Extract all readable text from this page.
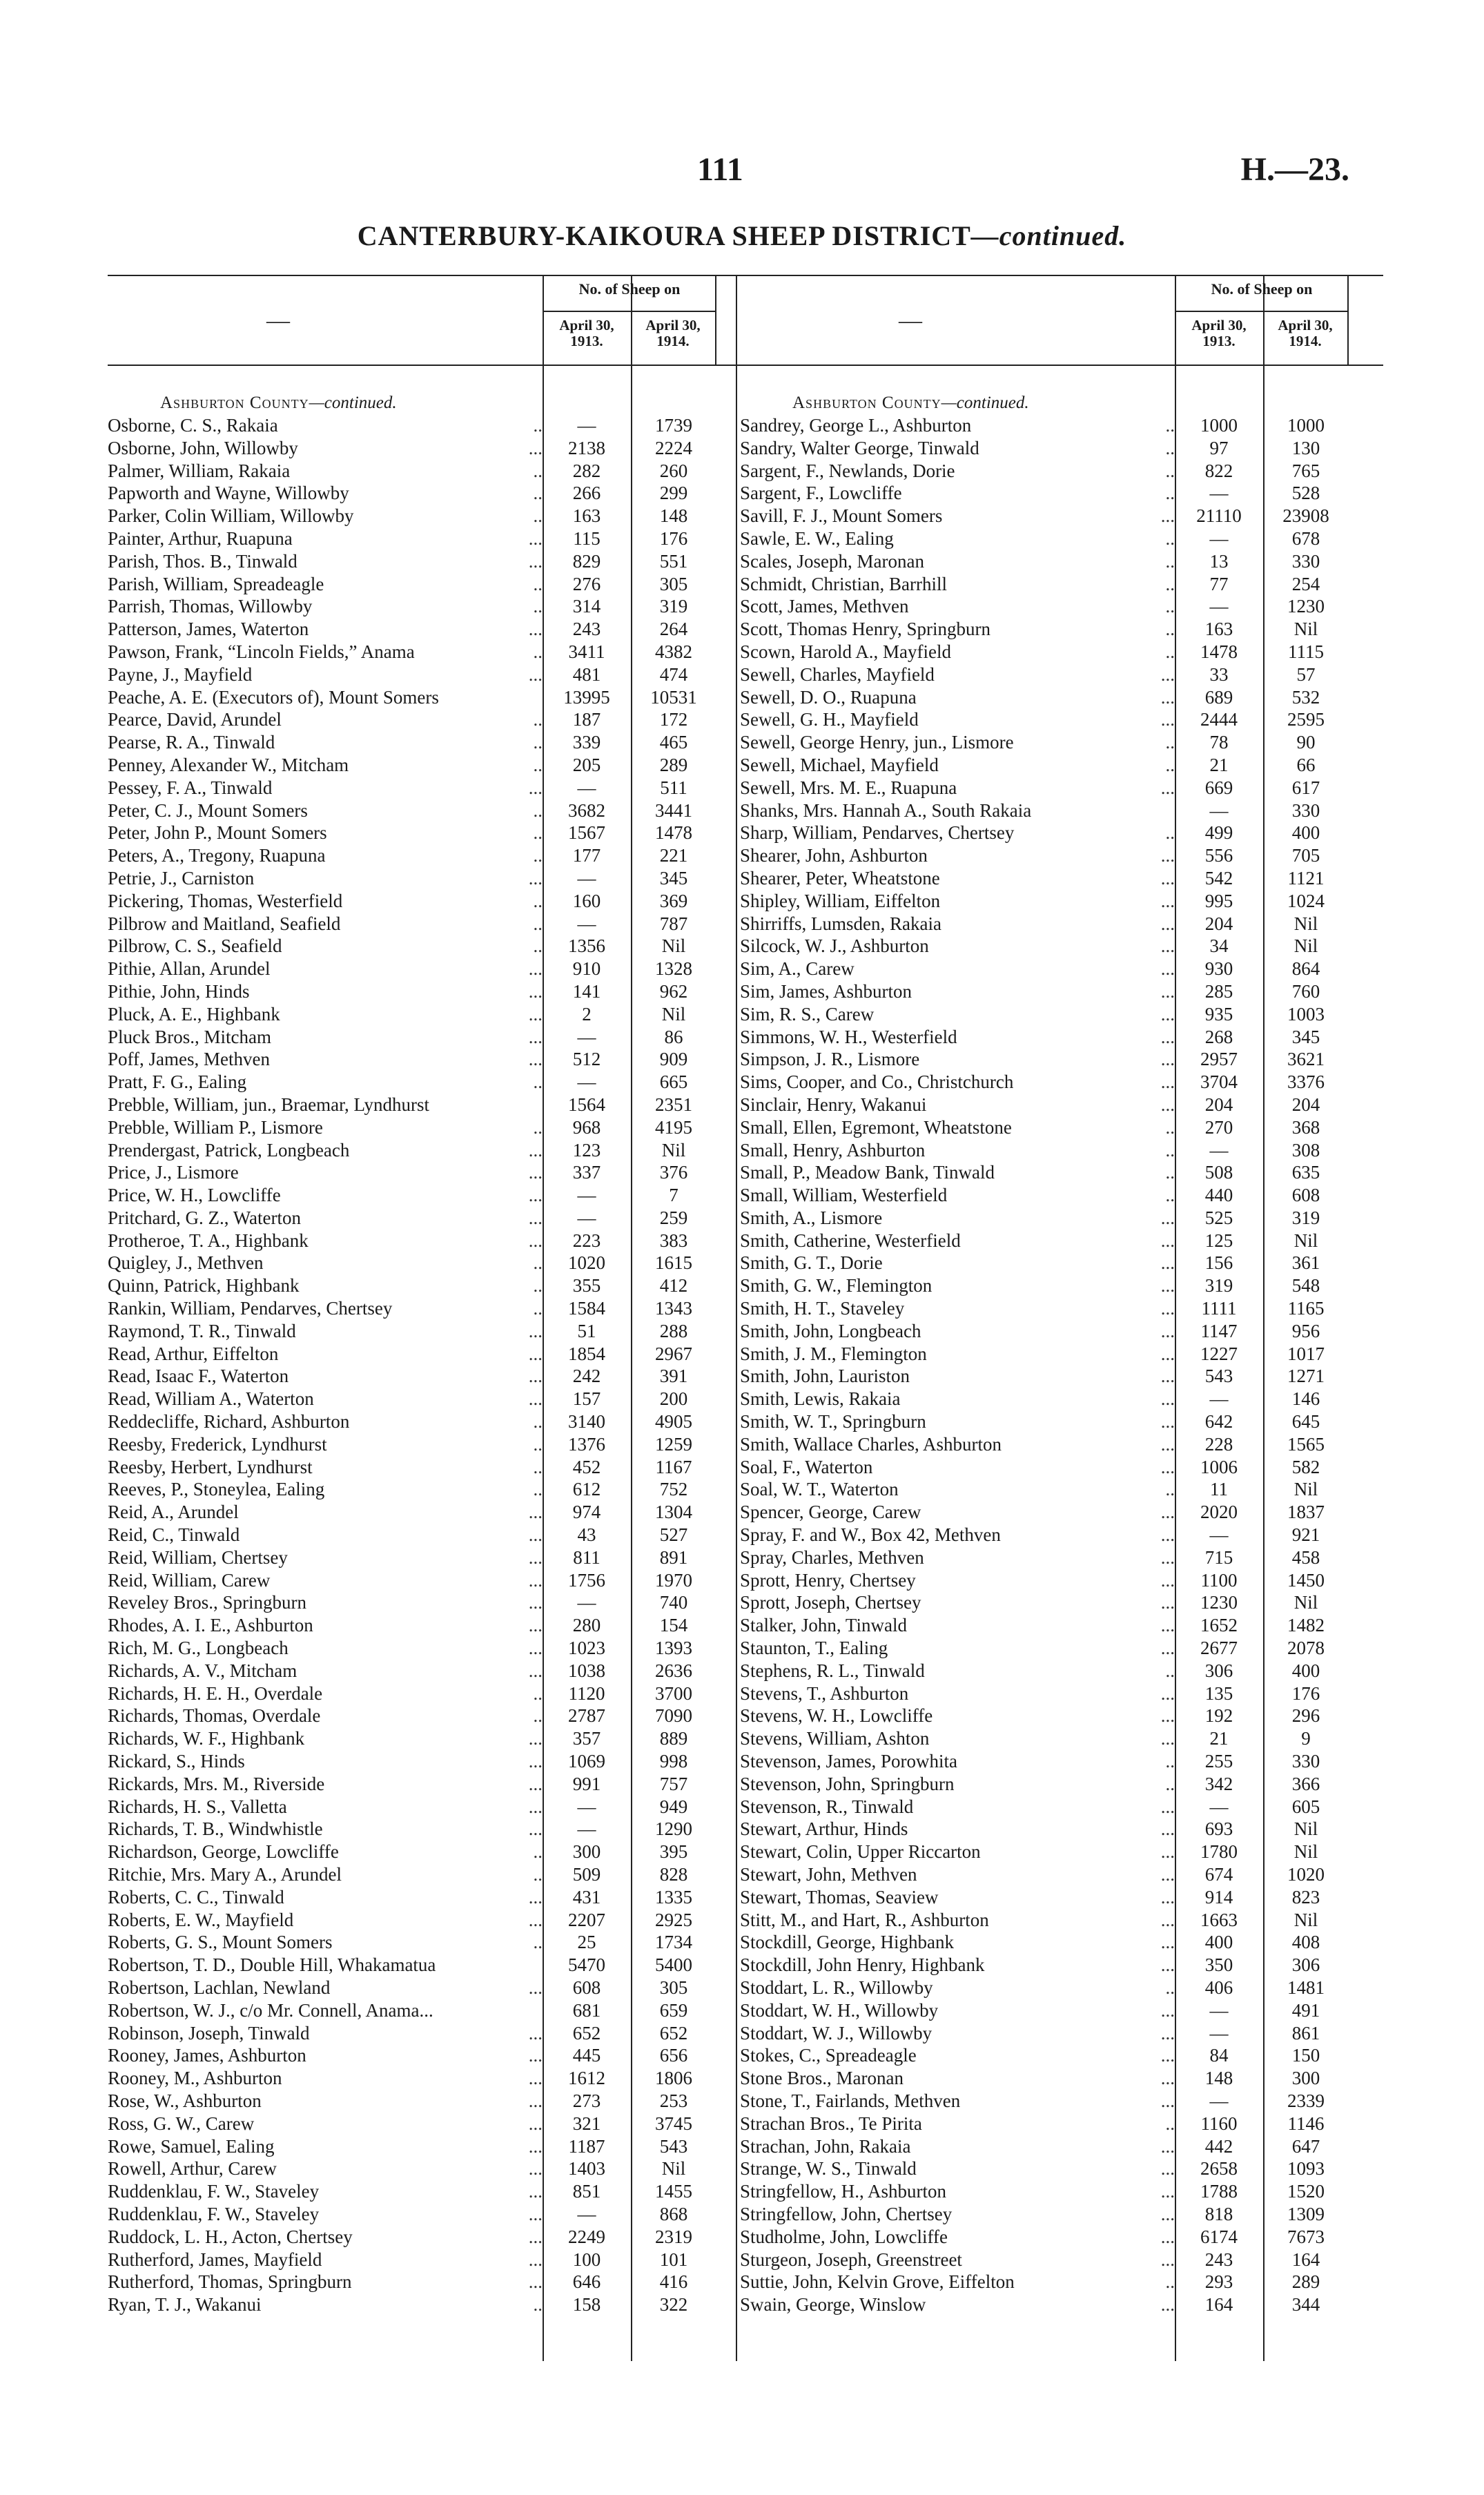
111	H.—23.
CANTERBURY-KAIKOURA SHEEP DISTRICT—continued.
—
No. of Sheep on
April 30, 1913.
April 30, 1914.
Ashburton County—continued.
Osborne, C. S., Rakaia	..	—	1739
Osborne, John, Willowby	...	2138	2224
Palmer, William, Rakaia	..	282	260
Papworth and Wayne, Willowby	..	266	299
Parker, Colin William, Willowby	..	163	148
Painter, Arthur, Ruapuna	...	115	176
Parish, Thos. B., Tinwald	...	829	551
Parish, William, Spreadeagle	..	276	305
Parrish, Thomas, Willowby	..	314	319
Patterson, James, Waterton	...	243	264
Pawson, Frank, “Lincoln Fields,” Anama	..	3411	4382
Payne, J., Mayfield	...	481	474
Peache, A. E. (Executors of), Mount Somers	13995	10531
Pearce, David, Arundel	..	187	172
Pearse, R. A., Tinwald	..	339	465
Penney, Alexander W., Mitcham	..	205	289
Pessey, F. A., Tinwald	...	—	511
Peter, C. J., Mount Somers	..	3682	3441
Peter, John P., Mount Somers	..	1567	1478
Peters, A., Tregony, Ruapuna	..	177	221
Petrie, J., Carniston	...	—	345
Pickering, Thomas, Westerfield	..	160	369
Pilbrow and Maitland, Seafield	..	—	787
Pilbrow, C. S., Seafield	..	1356	Nil
Pithie, Allan, Arundel	...	910	1328
Pithie, John, Hinds	...	141	962
Pluck, A. E., Highbank	...	2	Nil
Pluck Bros., Mitcham	...	—	86
Poff, James, Methven	...	512	909
Pratt, F. G., Ealing	..	—	665
Prebble, William, jun., Braemar, Lyndhurst	1564	2351
Prebble, William P., Lismore	..	968	4195
Prendergast, Patrick, Longbeach	...	123	Nil
Price, J., Lismore	...	337	376
Price, W. H., Lowcliffe	...	—	7
Pritchard, G. Z., Waterton	...	—	259
Protheroe, T. A., Highbank	...	223	383
Quigley, J., Methven	..	1020	1615
Quinn, Patrick, Highbank	..	355	412
Rankin, William, Pendarves, Chertsey	..	1584	1343
Raymond, T. R., Tinwald	...	51	288
Read, Arthur, Eiffelton	...	1854	2967
Read, Isaac F., Waterton	...	242	391
Read, William A., Waterton	...	157	200
Reddecliffe, Richard, Ashburton	..	3140	4905
Reesby, Frederick, Lyndhurst	..	1376	1259
Reesby, Herbert, Lyndhurst	..	452	1167
Reeves, P., Stoneylea, Ealing	..	612	752
Reid, A., Arundel	...	974	1304
Reid, C., Tinwald	...	43	527
Reid, William, Chertsey	...	811	891
Reid, William, Carew	...	1756	1970
Reveley Bros., Springburn	...	—	740
Rhodes, A. I. E., Ashburton	...	280	154
Rich, M. G., Longbeach	...	1023	1393
Richards, A. V., Mitcham	...	1038	2636
Richards, H. E. H., Overdale	..	1120	3700
Richards, Thomas, Overdale	..	2787	7090
Richards, W. F., Highbank	...	357	889
Rickard, S., Hinds	...	1069	998
Rickards, Mrs. M., Riverside	...	991	757
Richards, H. S., Valletta	...	—	949
Richards, T. B., Windwhistle	...	—	1290
Richardson, George, Lowcliffe	..	300	395
Ritchie, Mrs. Mary A., Arundel	..	509	828
Roberts, C. C., Tinwald	...	431	1335
Roberts, E. W., Mayfield	...	2207	2925
Roberts, G. S., Mount Somers	..	25	1734
Robertson, T. D., Double Hill, Whakamatua	5470	5400
Robertson, Lachlan, Newland	...	608	305
Robertson, W. J., c/o Mr. Connell, Anama...	681	659
Robinson, Joseph, Tinwald	...	652	652
Rooney, James, Ashburton	...	445	656
Rooney, M., Ashburton	...	1612	1806
Rose, W., Ashburton	...	273	253
Ross, G. W., Carew	...	321	3745
Rowe, Samuel, Ealing	...	1187	543
Rowell, Arthur, Carew	...	1403	Nil
Ruddenklau, F. W., Staveley	...	851	1455
Ruddenklau, F. W., Staveley	...	—	868
Ruddock, L. H., Acton, Chertsey	...	2249	2319
Rutherford, James, Mayfield	...	100	101
Rutherford, Thomas, Springburn	...	646	416
Ryan, T. J., Wakanui	..	158	322
—
No. of Sheep on
April 30, 1913.
April 30, 1914.
Ashburton County—continued.
Sandrey, George L., Ashburton	..	1000	1000
Sandry, Walter George, Tinwald	..	97	130
Sargent, F., Newlands, Dorie	..	822	765
Sargent, F., Lowcliffe	..	—	528
Savill, F. J., Mount Somers	...	21110	23908
Sawle, E. W., Ealing	..	—	678
Scales, Joseph, Maronan	..	13	330
Schmidt, Christian, Barrhill	..	77	254
Scott, James, Methven	..	—	1230
Scott, Thomas Henry, Springburn	..	163	Nil
Scown, Harold A., Mayfield	..	1478	1115
Sewell, Charles, Mayfield	...	33	57
Sewell, D. O., Ruapuna	...	689	532
Sewell, G. H., Mayfield	...	2444	2595
Sewell, George Henry, jun., Lismore	..	78	90
Sewell, Michael, Mayfield	..	21	66
Sewell, Mrs. M. E., Ruapuna	...	669	617
Shanks, Mrs. Hannah A., South Rakaia	—	330
Sharp, William, Pendarves, Chertsey	..	499	400
Shearer, John, Ashburton	...	556	705
Shearer, Peter, Wheatstone	...	542	1121
Shipley, William, Eiffelton	...	995	1024
Shirriffs, Lumsden, Rakaia	...	204	Nil
Silcock, W. J., Ashburton	...	34	Nil
Sim, A., Carew	...	930	864
Sim, James, Ashburton	...	285	760
Sim, R. S., Carew	...	935	1003
Simmons, W. H., Westerfield	...	268	345
Simpson, J. R., Lismore	...	2957	3621
Sims, Cooper, and Co., Christchurch	...	3704	3376
Sinclair, Henry, Wakanui	...	204	204
Small, Ellen, Egremont, Wheatstone	..	270	368
Small, Henry, Ashburton	..	—	308
Small, P., Meadow Bank, Tinwald	..	508	635
Small, William, Westerfield	..	440	608
Smith, A., Lismore	...	525	319
Smith, Catherine, Westerfield	...	125	Nil
Smith, G. T., Dorie	...	156	361
Smith, G. W., Flemington	...	319	548
Smith, H. T., Staveley	...	1111	1165
Smith, John, Longbeach	...	1147	956
Smith, J. M., Flemington	...	1227	1017
Smith, John, Lauriston	...	543	1271
Smith, Lewis, Rakaia	...	—	146
Smith, W. T., Springburn	...	642	645
Smith, Wallace Charles, Ashburton	...	228	1565
Soal, F., Waterton	...	1006	582
Soal, W. T., Waterton	..	11	Nil
Spencer, George, Carew	...	2020	1837
Spray, F. and W., Box 42, Methven	...	—	921
Spray, Charles, Methven	...	715	458
Sprott, Henry, Chertsey	...	1100	1450
Sprott, Joseph, Chertsey	...	1230	Nil
Stalker, John, Tinwald	...	1652	1482
Staunton, T., Ealing	...	2677	2078
Stephens, R. L., Tinwald	..	306	400
Stevens, T., Ashburton	...	135	176
Stevens, W. H., Lowcliffe	...	192	296
Stevens, William, Ashton	...	21	9
Stevenson, James, Porowhita	..	255	330
Stevenson, John, Springburn	..	342	366
Stevenson, R., Tinwald	...	—	605
Stewart, Arthur, Hinds	...	693	Nil
Stewart, Colin, Upper Riccarton	...	1780	Nil
Stewart, John, Methven	...	674	1020
Stewart, Thomas, Seaview	...	914	823
Stitt, M., and Hart, R., Ashburton	...	1663	Nil
Stockdill, George, Highbank	...	400	408
Stockdill, John Henry, Highbank	...	350	306
Stoddart, L. R., Willowby	..	406	1481
Stoddart, W. H., Willowby	...	—	491
Stoddart, W. J., Willowby	...	—	861
Stokes, C., Spreadeagle	...	84	150
Stone Bros., Maronan	...	148	300
Stone, T., Fairlands, Methven	...	—	2339
Strachan Bros., Te Pirita	..	1160	1146
Strachan, John, Rakaia	...	442	647
Strange, W. S., Tinwald	...	2658	1093
Stringfellow, H., Ashburton	...	1788	1520
Stringfellow, John, Chertsey	...	818	1309
Studholme, John, Lowcliffe	...	6174	7673
Sturgeon, Joseph, Greenstreet	...	243	164
Suttie, John, Kelvin Grove, Eiffelton	..	293	289
Swain, George, Winslow	...	164	344
